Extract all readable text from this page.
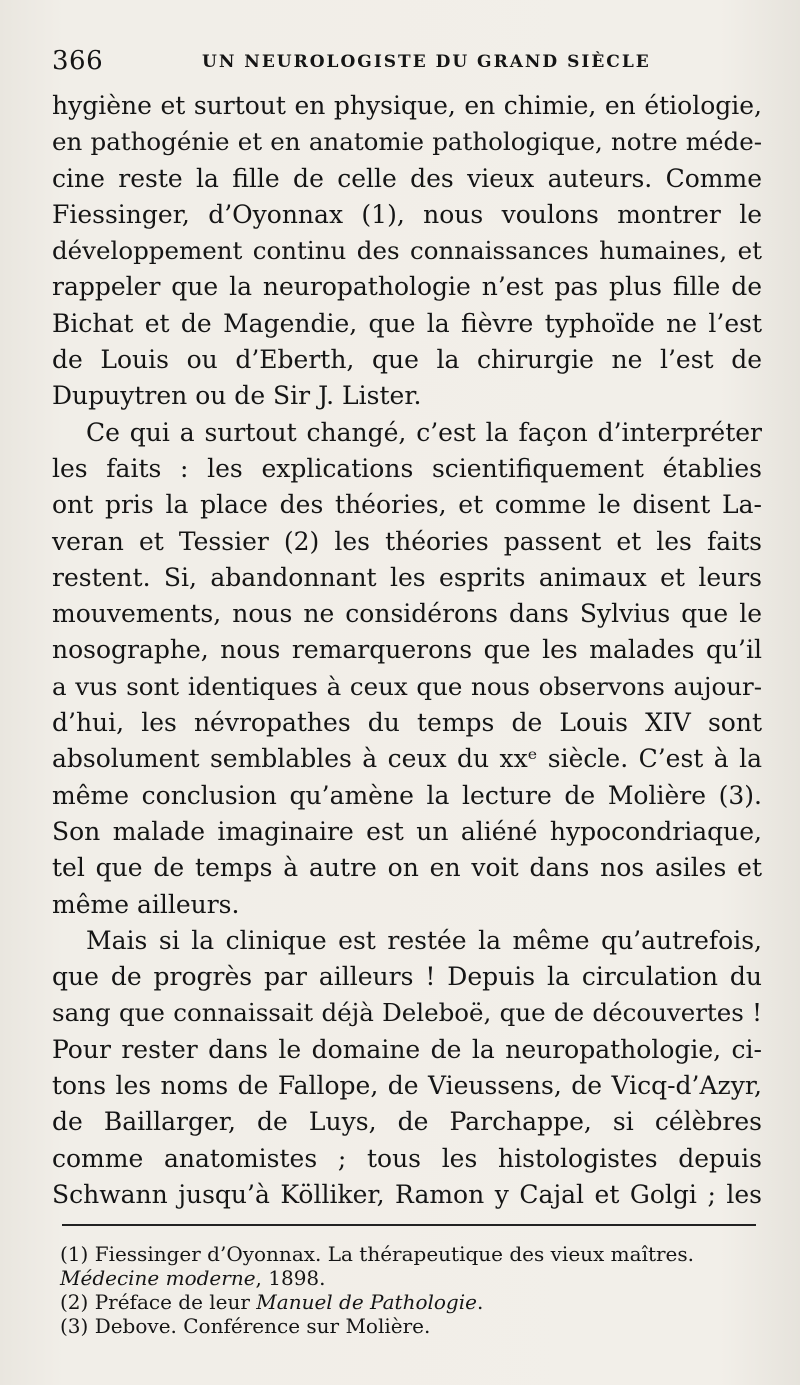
366	UN NEUROLOGISTE DU GRAND SIÈCLE
hygiène et surtout en physique, en chimie, en étiologie,
en pathogénie et en anatomie pathologique, notre méde-
cine reste la fille de celle des vieux auteurs. Comme
Fiessinger, d’Oyonnax (1), nous voulons montrer le
développement continu des connaissances humaines, et
rappeler que la neuropathologie n’est pas plus fille de
Bichat et de Magendie, que la fièvre typhoïde ne l’est
de Louis ou d’Eberth, que la chirurgie ne l’est de
Dupuytren ou de Sir J. Lister.
Ce qui a surtout changé, c’est la façon d’interpréter
les faits : les explications scientifiquement établies
ont pris la place des théories, et comme le disent La-
veran et Tessier (2) les théories passent et les faits
restent. Si, abandonnant les esprits animaux et leurs
mouvements, nous ne considérons dans Sylvius que le
nosographe, nous remarquerons que les malades qu’il
a vus sont identiques à ceux que nous observons aujour-
d’hui, les névropathes du temps de Louis XIV sont
absolument semblables à ceux du xxᵉ siècle. C’est à la
même conclusion qu’amène la lecture de Molière (3).
Son malade imaginaire est un aliéné hypocondriaque,
tel que de temps à autre on en voit dans nos asiles et
même ailleurs.
Mais si la clinique est restée la même qu’autrefois,
que de progrès par ailleurs ! Depuis la circulation du
sang que connaissait déjà Deleboë, que de découvertes !
Pour rester dans le domaine de la neuropathologie, ci-
tons les noms de Fallope, de Vieussens, de Vicq-d’Azyr,
de Baillarger, de Luys, de Parchappe, si célèbres
comme anatomistes ; tous les histologistes depuis
Schwann jusqu’à Kölliker, Ramon y Cajal et Golgi ; les
(1) Fiessinger d’Oyonnax. La thérapeutique des vieux maîtres.
Médecine moderne, 1898.
(2) Préface de leur Manuel de Pathologie.
(3) Debove. Conférence sur Molière.
